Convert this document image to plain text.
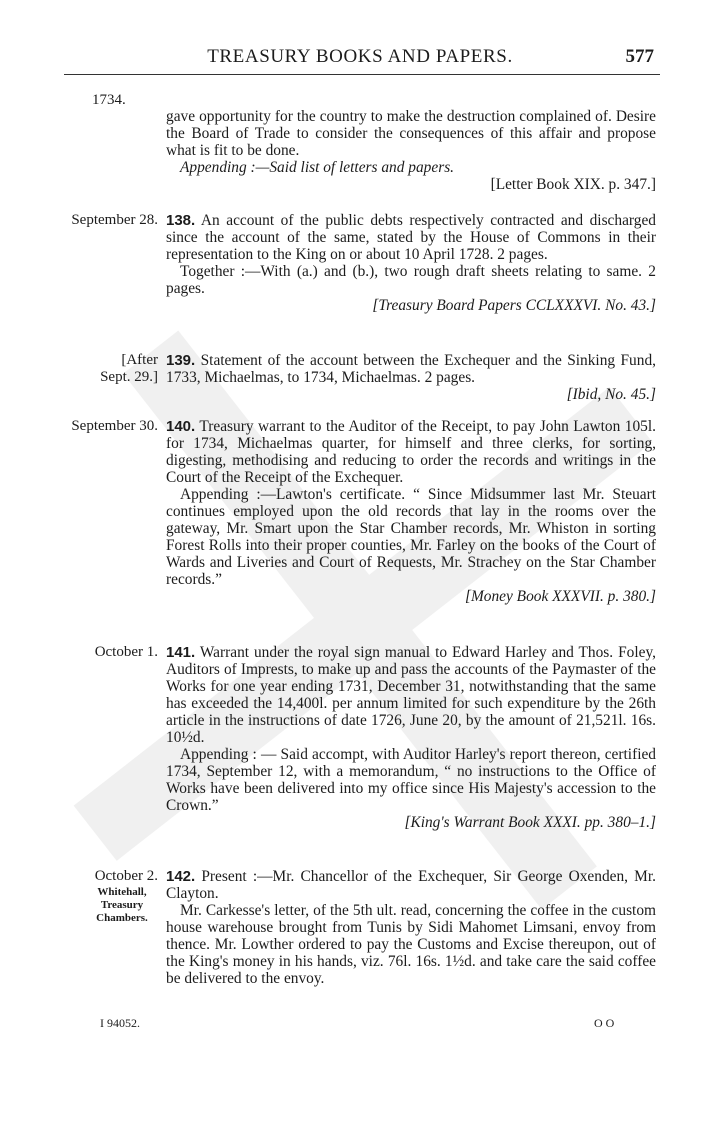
TREASURY BOOKS AND PAPERS.	577
1734.

gave opportunity for the country to make the destruction complained of. Desire the Board of Trade to consider the consequences of this affair and propose what is fit to be done.

Appending :—Said list of letters and papers.

[Letter Book XIX. p. 347.]

September 28. 138. An account of the public debts respectively contracted and discharged since the account of the same, stated by the House of Commons in their representation to the King on or about 10 April 1728. 2 pages.

Together :—With (a.) and (b.), two rough draft sheets relating to same. 2 pages.

[Treasury Board Papers CCLXXXVI. No. 43.]

[After
Sept. 29.]

139. Statement of the account between the Exchequer and the Sinking Fund, 1733, Michaelmas, to 1734, Michaelmas. 2 pages.

[Ibid, No. 45.]

September 30. 140. Treasury warrant to the Auditor of the Receipt, to pay John Lawton 105l. for 1734, Michaelmas quarter, for himself and three clerks, for sorting, digesting, methodising and reducing to order the records and writings in the Court of the Receipt of the Exchequer.

Appending :—Lawton's certificate. “ Since Midsummer last Mr. Steuart continues employed upon the old records that lay in the rooms over the gateway, Mr. Smart upon the Star Chamber records, Mr. Whiston in sorting Forest Rolls into their proper counties, Mr. Farley on the books of the Court of Wards and Liveries and Court of Requests, Mr. Strachey on the Star Chamber records.”

[Money Book XXXVII. p. 380.]

October 1. 141. Warrant under the royal sign manual to Edward Harley and Thos. Foley, Auditors of Imprests, to make up and pass the accounts of the Paymaster of the Works for one year ending 1731, December 31, notwithstanding that the same has exceeded the 14,400l. per annum limited for such expenditure by the 26th article in the instructions of date 1726, June 20, by the amount of 21,521l. 16s. 10½d.

Appending : — Said accompt, with Auditor Harley's report thereon, certified 1734, September 12, with a memorandum, “ no instructions to the Office of Works have been delivered into my office since His Majesty's accession to the Crown.”

[King's Warrant Book XXXI. pp. 380–1.]

October 2.
Whitehall, Treasury Chambers.

142. Present :—Mr. Chancellor of the Exchequer, Sir George Oxenden, Mr. Clayton.

Mr. Carkesse's letter, of the 5th ult. read, concerning the coffee in the custom house warehouse brought from Tunis by Sidi Mahomet Limsani, envoy from thence. Mr. Lowther ordered to pay the Customs and Excise thereupon, out of the King's money in his hands, viz. 76l. 16s. 1½d. and take care the said coffee be delivered to the envoy.

I 94052.	O O
